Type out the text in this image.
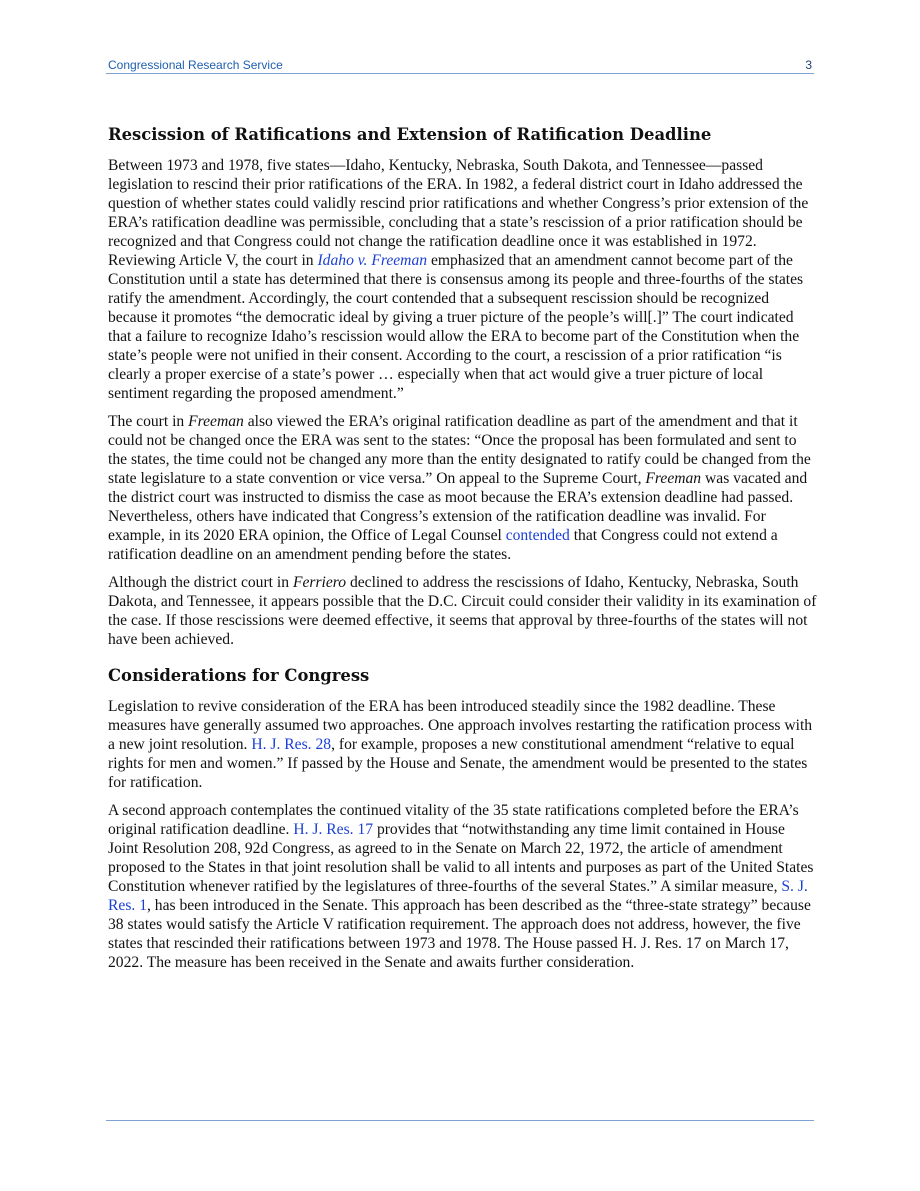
Congressional Research Service	3
Rescission of Ratifications and Extension of Ratification Deadline

Between 1973 and 1978, five states—Idaho, Kentucky, Nebraska, South Dakota, and Tennessee—passed legislation to rescind their prior ratifications of the ERA. In 1982, a federal district court in Idaho addressed the question of whether states could validly rescind prior ratifications and whether Congress’s prior extension of the ERA’s ratification deadline was permissible, concluding that a state’s rescission of a prior ratification should be recognized and that Congress could not change the ratification deadline once it was established in 1972. Reviewing Article V, the court in Idaho v. Freeman emphasized that an amendment cannot become part of the Constitution until a state has determined that there is consensus among its people and three-fourths of the states ratify the amendment. Accordingly, the court contended that a subsequent rescission should be recognized because it promotes “the democratic ideal by giving a truer picture of the people’s will[.]” The court indicated that a failure to recognize Idaho’s rescission would allow the ERA to become part of the Constitution when the state’s people were not unified in their consent. According to the court, a rescission of a prior ratification “is clearly a proper exercise of a state’s power … especially when that act would give a truer picture of local sentiment regarding the proposed amendment.”

The court in Freeman also viewed the ERA’s original ratification deadline as part of the amendment and that it could not be changed once the ERA was sent to the states: “Once the proposal has been formulated and sent to the states, the time could not be changed any more than the entity designated to ratify could be changed from the state legislature to a state convention or vice versa.” On appeal to the Supreme Court, Freeman was vacated and the district court was instructed to dismiss the case as moot because the ERA’s extension deadline had passed. Nevertheless, others have indicated that Congress’s extension of the ratification deadline was invalid. For example, in its 2020 ERA opinion, the Office of Legal Counsel contended that Congress could not extend a ratification deadline on an amendment pending before the states.

Although the district court in Ferriero declined to address the rescissions of Idaho, Kentucky, Nebraska, South Dakota, and Tennessee, it appears possible that the D.C. Circuit could consider their validity in its examination of the case. If those rescissions were deemed effective, it seems that approval by three-fourths of the states will not have been achieved.

Considerations for Congress

Legislation to revive consideration of the ERA has been introduced steadily since the 1982 deadline. These measures have generally assumed two approaches. One approach involves restarting the ratification process with a new joint resolution. H. J. Res. 28, for example, proposes a new constitutional amendment “relative to equal rights for men and women.” If passed by the House and Senate, the amendment would be presented to the states for ratification.

A second approach contemplates the continued vitality of the 35 state ratifications completed before the ERA’s original ratification deadline. H. J. Res. 17 provides that “notwithstanding any time limit contained in House Joint Resolution 208, 92d Congress, as agreed to in the Senate on March 22, 1972, the article of amendment proposed to the States in that joint resolution shall be valid to all intents and purposes as part of the United States Constitution whenever ratified by the legislatures of three-fourths of the several States.” A similar measure, S. J. Res. 1, has been introduced in the Senate. This approach has been described as the “three-state strategy” because 38 states would satisfy the Article V ratification requirement. The approach does not address, however, the five states that rescinded their ratifications between 1973 and 1978. The House passed H. J. Res. 17 on March 17, 2022. The measure has been received in the Senate and awaits further consideration.
